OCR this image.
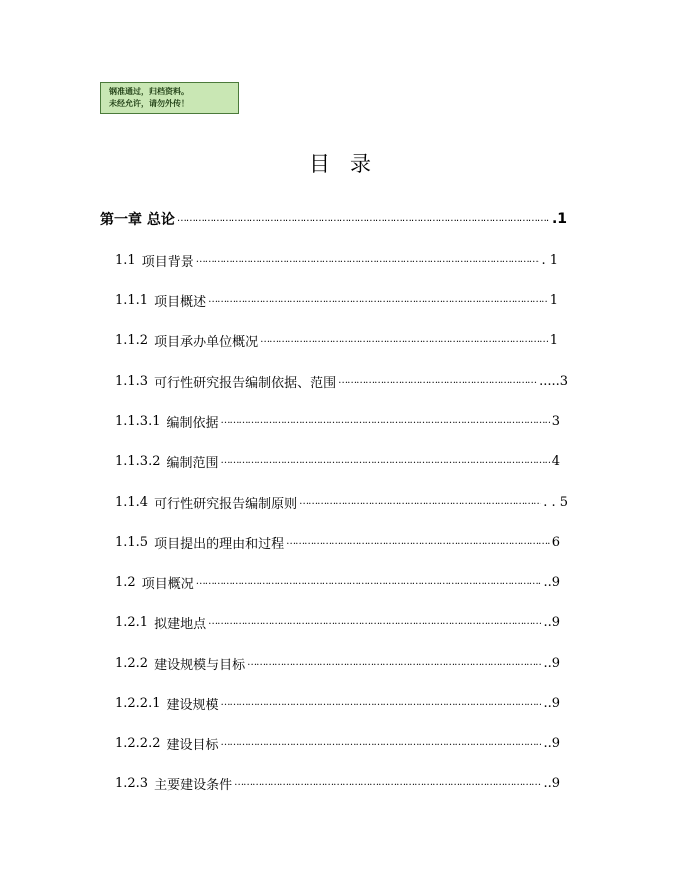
钢准通过，归档资料。
未经允许，请勿外传！
目录
第一章 总论 ……………………………………………………………………………………………………………………………………	.1
1.1 项目背景 ……………………………………………………………………………………………………………………………………	. 1
1.1.1 项目概述 ……………………………………………………………………………………………………………………………………	1
1.1.2 项目承办单位概况 ……………………………………………………………………………………………………………………………………	1
1.1.3 可行性研究报告编制依据、范围 ……………………………………………………………………………………………………………………………………	.....3
1.1.3.1 编制依据 ……………………………………………………………………………………………………………………………………	3
1.1.3.2 编制范围 ……………………………………………………………………………………………………………………………………	4
1.1.4 可行性研究报告编制原则 ……………………………………………………………………………………………………………………………………	. . 5
1.1.5 项目提出的理由和过程 ……………………………………………………………………………………………………………………………………	6
1.2 项目概况 ……………………………………………………………………………………………………………………………………	..9
1.2.1 拟建地点 ……………………………………………………………………………………………………………………………………	..9
1.2.2 建设规模与目标 ……………………………………………………………………………………………………………………………………	..9
1.2.2.1 建设规模 ……………………………………………………………………………………………………………………………………	..9
1.2.2.2 建设目标 ……………………………………………………………………………………………………………………………………	..9
1.2.3 主要建设条件 ……………………………………………………………………………………………………………………………………	..9
